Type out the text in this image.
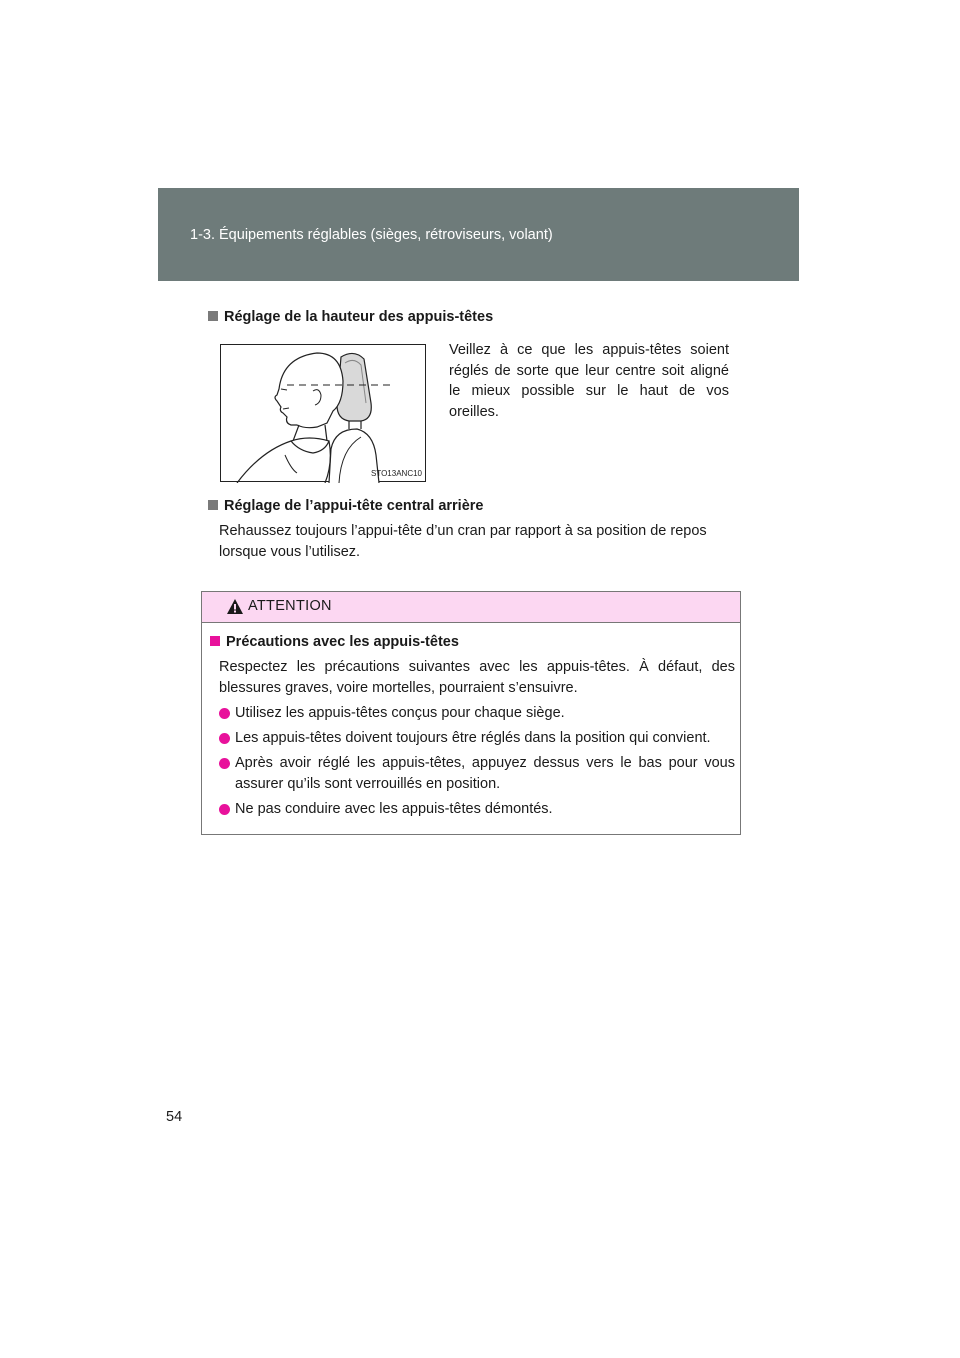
1-3. Équipements réglables (sièges, rétroviseurs, volant)
Réglage de la hauteur des appuis-têtes
STO13ANC10
Veillez à ce que les appuis-têtes soient réglés de sorte que leur centre soit aligné le mieux possible sur le haut de vos oreilles.
Réglage de l’appui-tête central arrière
Rehaussez toujours l’appui-tête d’un cran par rapport à sa position de repos lorsque vous l’utilisez.
ATTENTION
Précautions avec les appuis-têtes
Respectez les précautions suivantes avec les appuis-têtes. À défaut, des blessures graves, voire mortelles, pourraient s’ensuivre.
Utilisez les appuis-têtes conçus pour chaque siège.
Les appuis-têtes doivent toujours être réglés dans la position qui convient.
Après avoir réglé les appuis-têtes, appuyez dessus vers le bas pour vous assurer qu’ils sont verrouillés en position.
Ne pas conduire avec les appuis-têtes démontés.
54
